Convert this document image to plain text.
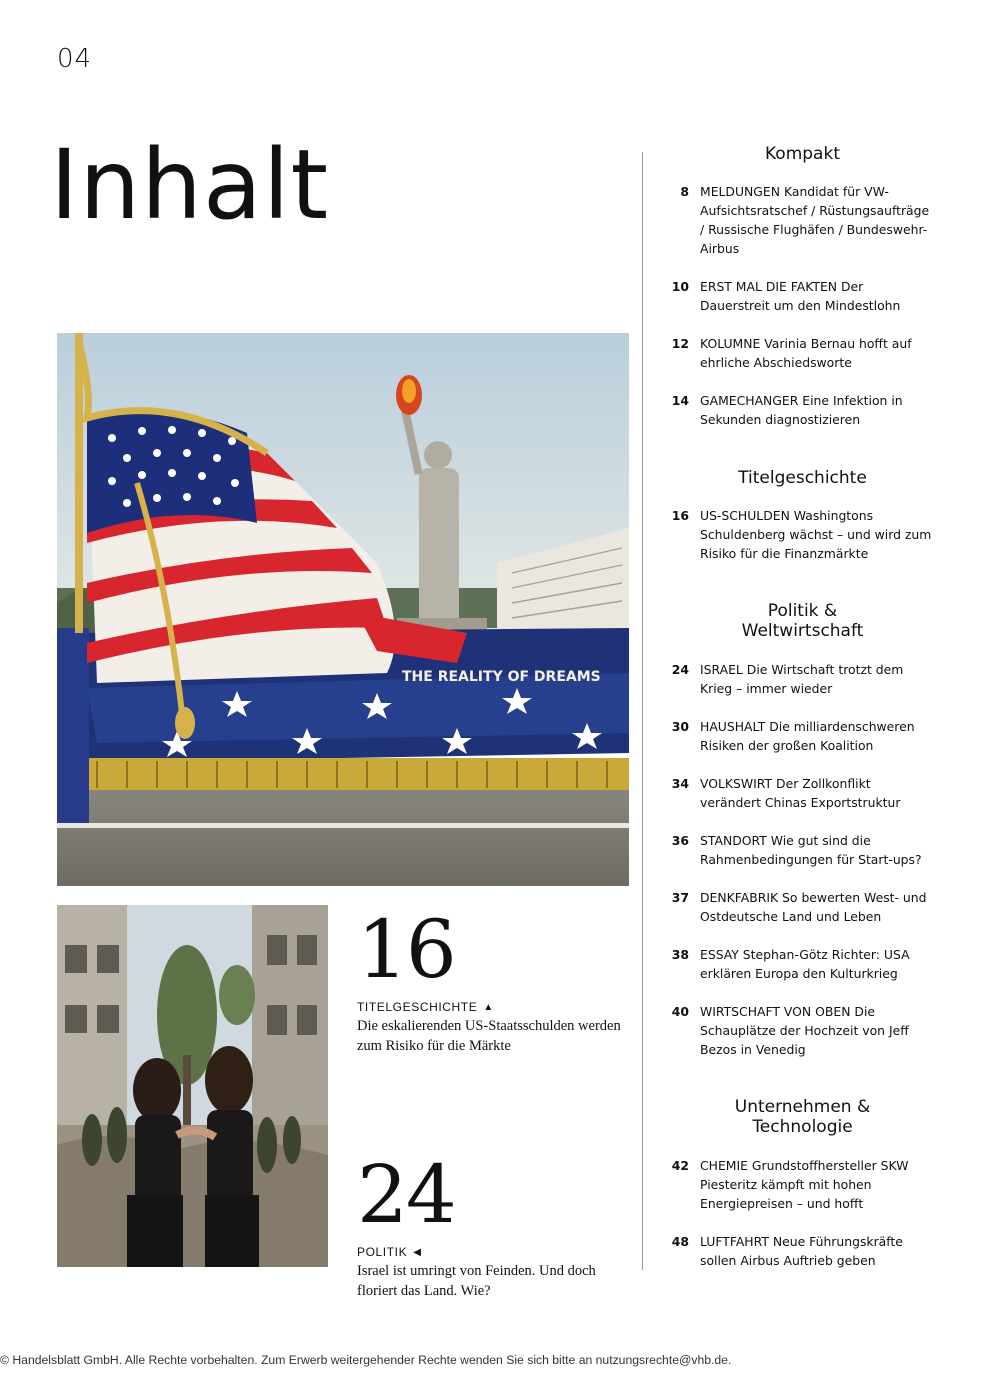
04
Inhalt
THE REALITY OF DREAMS
16
TITELGESCHICHTE ▲
Die eskalierenden US-Staatsschulden werden zum Risiko für die Märkte
24
POLITIK ◀
Israel ist umringt von Feinden. Und doch floriert das Land. Wie?
Kompakt
8 MELDUNGEN Kandidat für VW-Aufsichtsratschef / Rüstungsaufträge / Russische Flughäfen / Bundeswehr-Airbus
10 ERST MAL DIE FAKTEN Der Dauerstreit um den Mindestlohn
12 KOLUMNE Varinia Bernau hofft auf ehrliche Abschiedsworte
14 GAMECHANGER Eine Infektion in Sekunden diagnostizieren
Titelgeschichte
16 US-SCHULDEN Washingtons Schuldenberg wächst – und wird zum Risiko für die Finanzmärkte
Politik &
Weltwirtschaft
24 ISRAEL Die Wirtschaft trotzt dem Krieg – immer wieder
30 HAUSHALT Die milliardenschweren Risiken der großen Koalition
34 VOLKSWIRT Der Zollkonflikt verändert Chinas Exportstruktur
36 STANDORT Wie gut sind die Rahmenbedingungen für Start-ups?
37 DENKFABRIK So bewerten West- und Ostdeutsche Land und Leben
38 ESSAY Stephan-Götz Richter: USA erklären Europa den Kulturkrieg
40 WIRTSCHAFT VON OBEN Die Schauplätze der Hochzeit von Jeff Bezos in Venedig
Unternehmen &
Technologie
42 CHEMIE Grundstoffhersteller SKW Piesteritz kämpft mit hohen Energiepreisen – und hofft
48 LUFTFAHRT Neue Führungskräfte sollen Airbus Auftrieb geben
© Handelsblatt GmbH. Alle Rechte vorbehalten. Zum Erwerb weitergehender Rechte wenden Sie sich bitte an nutzungsrechte@vhb.de.
